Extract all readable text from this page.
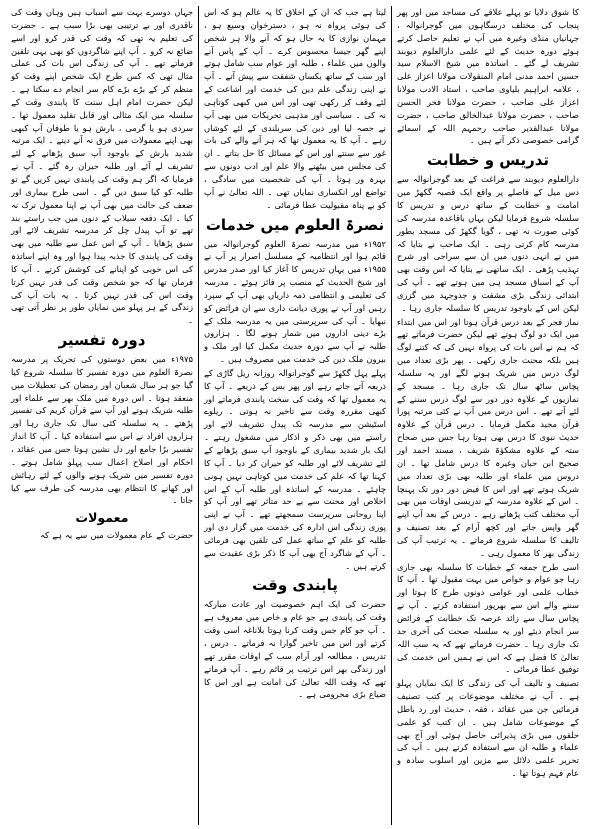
کا شوق دلایا تو پہلے علاقے کی مساجد میں اور پھر پنجاب کی مختلف درسگاہوں میں گوجرانوالہ ، جہانیاں منڈی وغیرہ میں آپ نے تعلیم حاصل کرتے ہوئے دورہ حدیث کے لئے علمی دارالعلوم دیوبند تشریف لے گئے ۔ اساتذہ میں شیخ الاسلام سید حسین احمد مدنی امام المنقولات مولانا اعزاز علی ، علامہ ابراہیم بلیاوی صاحب ، استاد الادب مولانا اعزاز علی صاحب ، حضرت مولانا فخر الحسن صاحب ، حضرت مولانا عبدالخالق صاحب ، حضرت مولانا عبدالقدیر صاحب رحمہم اللہ کے اسمائے گرامی خصوصی ذکر آتے ہیں ۔

تدریس و خطابت

دارالعلوم دیوبند سے فراغت کے بعد گوجرانوالہ سے دس میل کے فاصلے پر واقع ایک قصبہ گکھڑ میں امامت و خطابت کے ساتھ درس و تدریس کا سلسلہ شروع فرمایا لیکن یہاں باقاعدہ مدرسہ کی کوئی صورت نہ تھی ، گویا گکھڑ کی مسجد بطور مدرسہ کام کرتی رہی ۔ ایک صاحب نے بتایا کہ میں نے انہی دنوں میں ان سے سراجی اور شرح تہذیب پڑھی ۔ ایک ساتھی نے بتایا کہ اس وقت بھی آپ کے اسباق مسجد ہی میں ہوتے تھے ۔ آپ کی ابتدائی زندگی بڑی مشقت و جدوجہد میں گزری لیکن اس کے باوجود تدریس کا سلسلہ جاری رہا ۔

نماز فجر کے بعد درس قرآن ہوتا اور اس میں ابتداء میں ایک دو لوگ ہوتے تھے لیکن حضرت فرماتے تھے کہ ہم نے اس بات کی پرواہ نہیں کی کہ کتنے لوگ ہیں بلکہ محنت جاری رکھی ۔ پھر بڑی تعداد میں لوگ درس میں شریک ہونے لگے اور یہ سلسلہ پچاس ساٹھ سال تک جاری رہا ۔ مسجد کے نمازیوں کے علاوہ دور دور سے لوگ درس سننے کے لئے آتے تھے ۔ اس درس میں آپ نے کئی مرتبہ پورا قرآن مجید مکمل فرمایا ۔ درس قرآن کے علاوہ حدیث نبوی کا درس بھی ہوتا رہا جس میں صحاح ستہ کے علاوہ مشکوٰۃ شریف ، مسند احمد اور صحیح ابن حبان وغیرہ کا درس شامل تھا ۔ ان دروس میں علماء اور طلبہ بھی بڑی تعداد میں شریک ہوتے تھے اور اس کا فیض دور دور تک پہنچا ۔ اس کے علاوہ مدرسہ کے تدریسی اوقات میں بھی آپ مختلف کتب پڑھاتے رہے ۔ درس کے بعد آپ اپنے گھر واپس جاتے اور کچھ آرام کے بعد تصنیف و تالیف کا سلسلہ شروع فرماتے ۔ یہ ترتیب آپ کی زندگی بھر کا معمول رہی ۔

اسی طرح جمعہ کے خطبات کا سلسلہ بھی جاری رہا جو عوام و خواص میں بہت مقبول تھا ۔ آپ کا خطاب علمی اور عوامی دونوں طرح کا ہوتا اور سننے والے اس سے بھرپور استفادہ کرتے ۔ آپ نے پچاس سال سے زائد عرصہ تک خطابت کے فرائض سر انجام دیئے اور یہ سلسلہ صحت کی آخری حد تک جاری رہا ۔ حضرت فرماتے تھے کہ یہ سب اللہ تعالیٰ کا فضل ہے کہ اس نے ہمیں اس خدمت کی توفیق عطا فرمائی ۔

تصنیف و تالیف آپ کی زندگی کا ایک نمایاں پہلو ہے ۔ آپ نے مختلف موضوعات پر کتب تصنیف فرمائیں جن میں عقائد ، فقہ ، حدیث اور رد باطل کے موضوعات شامل ہیں ۔ ان کتب کو علمی حلقوں میں بڑی پذیرائی حاصل ہوئی اور آج بھی علماء و طلبہ ان سے استفادہ کرتے ہیں ۔ آپ کی تحریر علمی دلائل سے مزین اور اسلوب سادہ و عام فہم ہوتا تھا ۔

لیتا ہے جب کہ ان کے اخلاق کا یہ عالم ہو کہ اس کی ہوئی پرواہ نہ ہو ، دسترخوان وسیع ہو ، مہمان نوازی کا یہ حال ہو کہ آنے والا ہر شخص اپنے گھر جیسا محسوس کرے ۔ آپ کے پاس آنے والوں میں علماء ، طلبہ اور عوام سب شامل ہوتے اور سب کے ساتھ یکساں شفقت سے پیش آتے ۔ آپ نے اپنی زندگی علم دین کی خدمت اور اشاعت کے لئے وقف کر رکھی تھی اور اس میں کبھی کوتاہی نہ کی ۔ سیاسی اور مذہبی تحریکات میں بھی آپ نے حصہ لیا اور دین کی سربلندی کے لئے کوشاں رہے ۔ آپ کا یہ معمول تھا کہ ہر آنے والے کی بات غور سے سنتے اور اس کے مسائل کا حل بتاتے ۔ ان کی مجلس میں بیٹھنے والا علم اور ادب دونوں سے بہرہ ور ہوتا ۔ آپ کی شخصیت میں سادگی ، تواضع اور انکساری نمایاں تھی ۔ اللہ تعالیٰ نے آپ کو بے پناہ مقبولیت عطا فرمائی ۔

نصرۃ العلوم میں خدمات

۱۹۵۲ء میں مدرسہ نصرۃ العلوم گوجرانوالہ میں قائم ہوا اور انتظامیہ کے مسلسل اصرار پر آپ نے ۱۹۵۵ء میں یہاں تدریس کا آغاز کیا اور صدر مدرس اور شیخ الحدیث کے منصب پر فائز ہوئے ۔ مدرسہ کی تعلیمی و انتظامی ذمہ داریاں بھی آپ کے سپرد رہیں اور آپ نے پوری دیانت داری سے ان فرائض کو نبھایا ۔ آپ کی سرپرستی میں یہ مدرسہ ملک کے بڑے دینی اداروں میں شمار ہونے لگا ۔ ہزاروں طلبہ نے آپ سے دورہ حدیث مکمل کیا اور ملک و بیرون ملک دین کی خدمت میں مصروف ہیں ۔

پہلے پہل گکھڑ سے گوجرانوالہ روزانہ ریل گاڑی کے ذریعہ آتے جاتے رہے اور پھر بس کے ذریعے ۔ آپ کا یہ معمول تھا کہ وقت کی سخت پابندی فرماتے اور کبھی مقررہ وقت سے تاخیر نہ ہوتی ۔ ریلوے اسٹیشن سے مدرسہ تک پیدل تشریف لاتے اور راستے میں بھی ذکر و اذکار میں مشغول رہتے ۔ ایک بار شدید بیماری کے باوجود آپ سبق پڑھانے کے لئے تشریف لائے اور طلبہ کو حیران کر دیا ۔ آپ کا کہنا تھا کہ علم کی خدمت میں کوتاہی نہیں ہونی چاہئے ۔ مدرسہ کے اساتذہ اور طلبہ آپ کے اس اخلاص اور محنت سے بے حد متاثر تھے اور آپ کو اپنا روحانی سرپرست سمجھتے تھے ۔ آپ نے اپنی پوری زندگی اس ادارہ کی خدمت میں گزار دی اور طلبہ کو علم کے ساتھ عمل کی تلقین بھی فرمائی ۔ آپ کے شاگرد آج بھی آپ کا ذکر بڑی عقیدت سے کرتے ہیں ۔

پابندی وقت

حضرت کی ایک اہم خصوصیت اور عادت مبارکہ وقت کی پابندی ہے جو عام و خاص میں معروف ہے ۔ آپ جو کام جس وقت کرنا ہوتا بلاناغہ اسی وقت کرتے اور اس میں تاخیر گوارا نہ فرماتے ۔ درس ، تدریس ، مطالعہ اور آرام سب کے اوقات مقرر تھے اور زندگی بھر اس ترتیب پر قائم رہے ۔ آپ فرماتے تھے کہ وقت اللہ تعالیٰ کی امانت ہے اور اس کا ضیاع بڑی محرومی ہے ۔

جہاں دوسرے بہت سے اسباب ہیں وہاں وقت کی ناقدری اور بے ترتیبی بھی بڑا سبب ہے ۔ حضرت کی تعلیم یہ تھی کہ وقت کی قدر کرو اور اسے ضائع نہ کرو ۔ آپ اپنے شاگردوں کو بھی یہی تلقین فرماتے تھے ۔ آپ کی زندگی اس بات کی عملی مثال تھی کہ کس طرح ایک شخص اپنے وقت کو منظم کر کے بڑے بڑے کام سر انجام دے سکتا ہے ۔ لیکن حضرت امام اہل سنت کا پابندی وقت کے سلسلہ میں ایک مثالی اور قابل تقلید معمول تھا ۔ سردی ہو یا گرمی ، بارش ہو یا طوفان آپ کبھی بھی اپنے معمولات میں فرق نہ آنے دیتے ۔ ایک مرتبہ شدید بارش کے باوجود آپ سبق پڑھانے کے لئے تشریف لے آئے اور طلبہ حیران رہ گئے ۔ آپ نے فرمایا کہ اگر ہم وقت کی پابندی نہیں کریں گے تو طلبہ کو کیا سبق دیں گے ۔ اسی طرح بیماری اور ضعف کی حالت میں بھی آپ نے اپنا معمول ترک نہ کیا ۔ ایک دفعہ سیلاب کے دنوں میں جب راستے بند تھے تو آپ پیدل چل کر مدرسہ تشریف لائے اور سبق پڑھایا ۔ آپ کے اس عمل سے طلبہ میں بھی وقت کی پابندی کا جذبہ پیدا ہوا اور وہ اپنے اساتذہ کی اس خوبی کو اپنانے کی کوشش کرتے ۔ آپ کا فرمان تھا کہ جو شخص وقت کی قدر نہیں کرتا وقت اس کی قدر نہیں کرتا ۔ یہ بات آپ کی زندگی کے ہر پہلو میں نمایاں طور پر نظر آتی تھی ۔

دورہ تفسیر

۱۹۷۵ء میں بعض دوستوں کی تحریک پر مدرسہ نصرۃ العلوم میں دورہ تفسیر کا سلسلہ شروع کیا گیا جو ہر سال شعبان اور رمضان کی تعطیلات میں منعقد ہوتا ۔ اس دورہ میں ملک بھر سے علماء اور طلبہ شریک ہوتے اور آپ سے قرآن کریم کی تفسیر پڑھتے ۔ یہ سلسلہ کئی سال تک جاری رہا اور ہزاروں افراد نے اس سے استفادہ کیا ۔ آپ کا انداز تفسیر بڑا جامع اور دل نشین ہوتا جس میں عقائد ، احکام اور اصلاح اعمال سب پہلو شامل ہوتے ۔ دورہ تفسیر میں شریک ہونے والوں کے لئے رہائش اور کھانے کا انتظام بھی مدرسہ کی طرف سے کیا جاتا ۔

معمولات

حضرت کے عام معمولات میں سے یہ ہے کہ
